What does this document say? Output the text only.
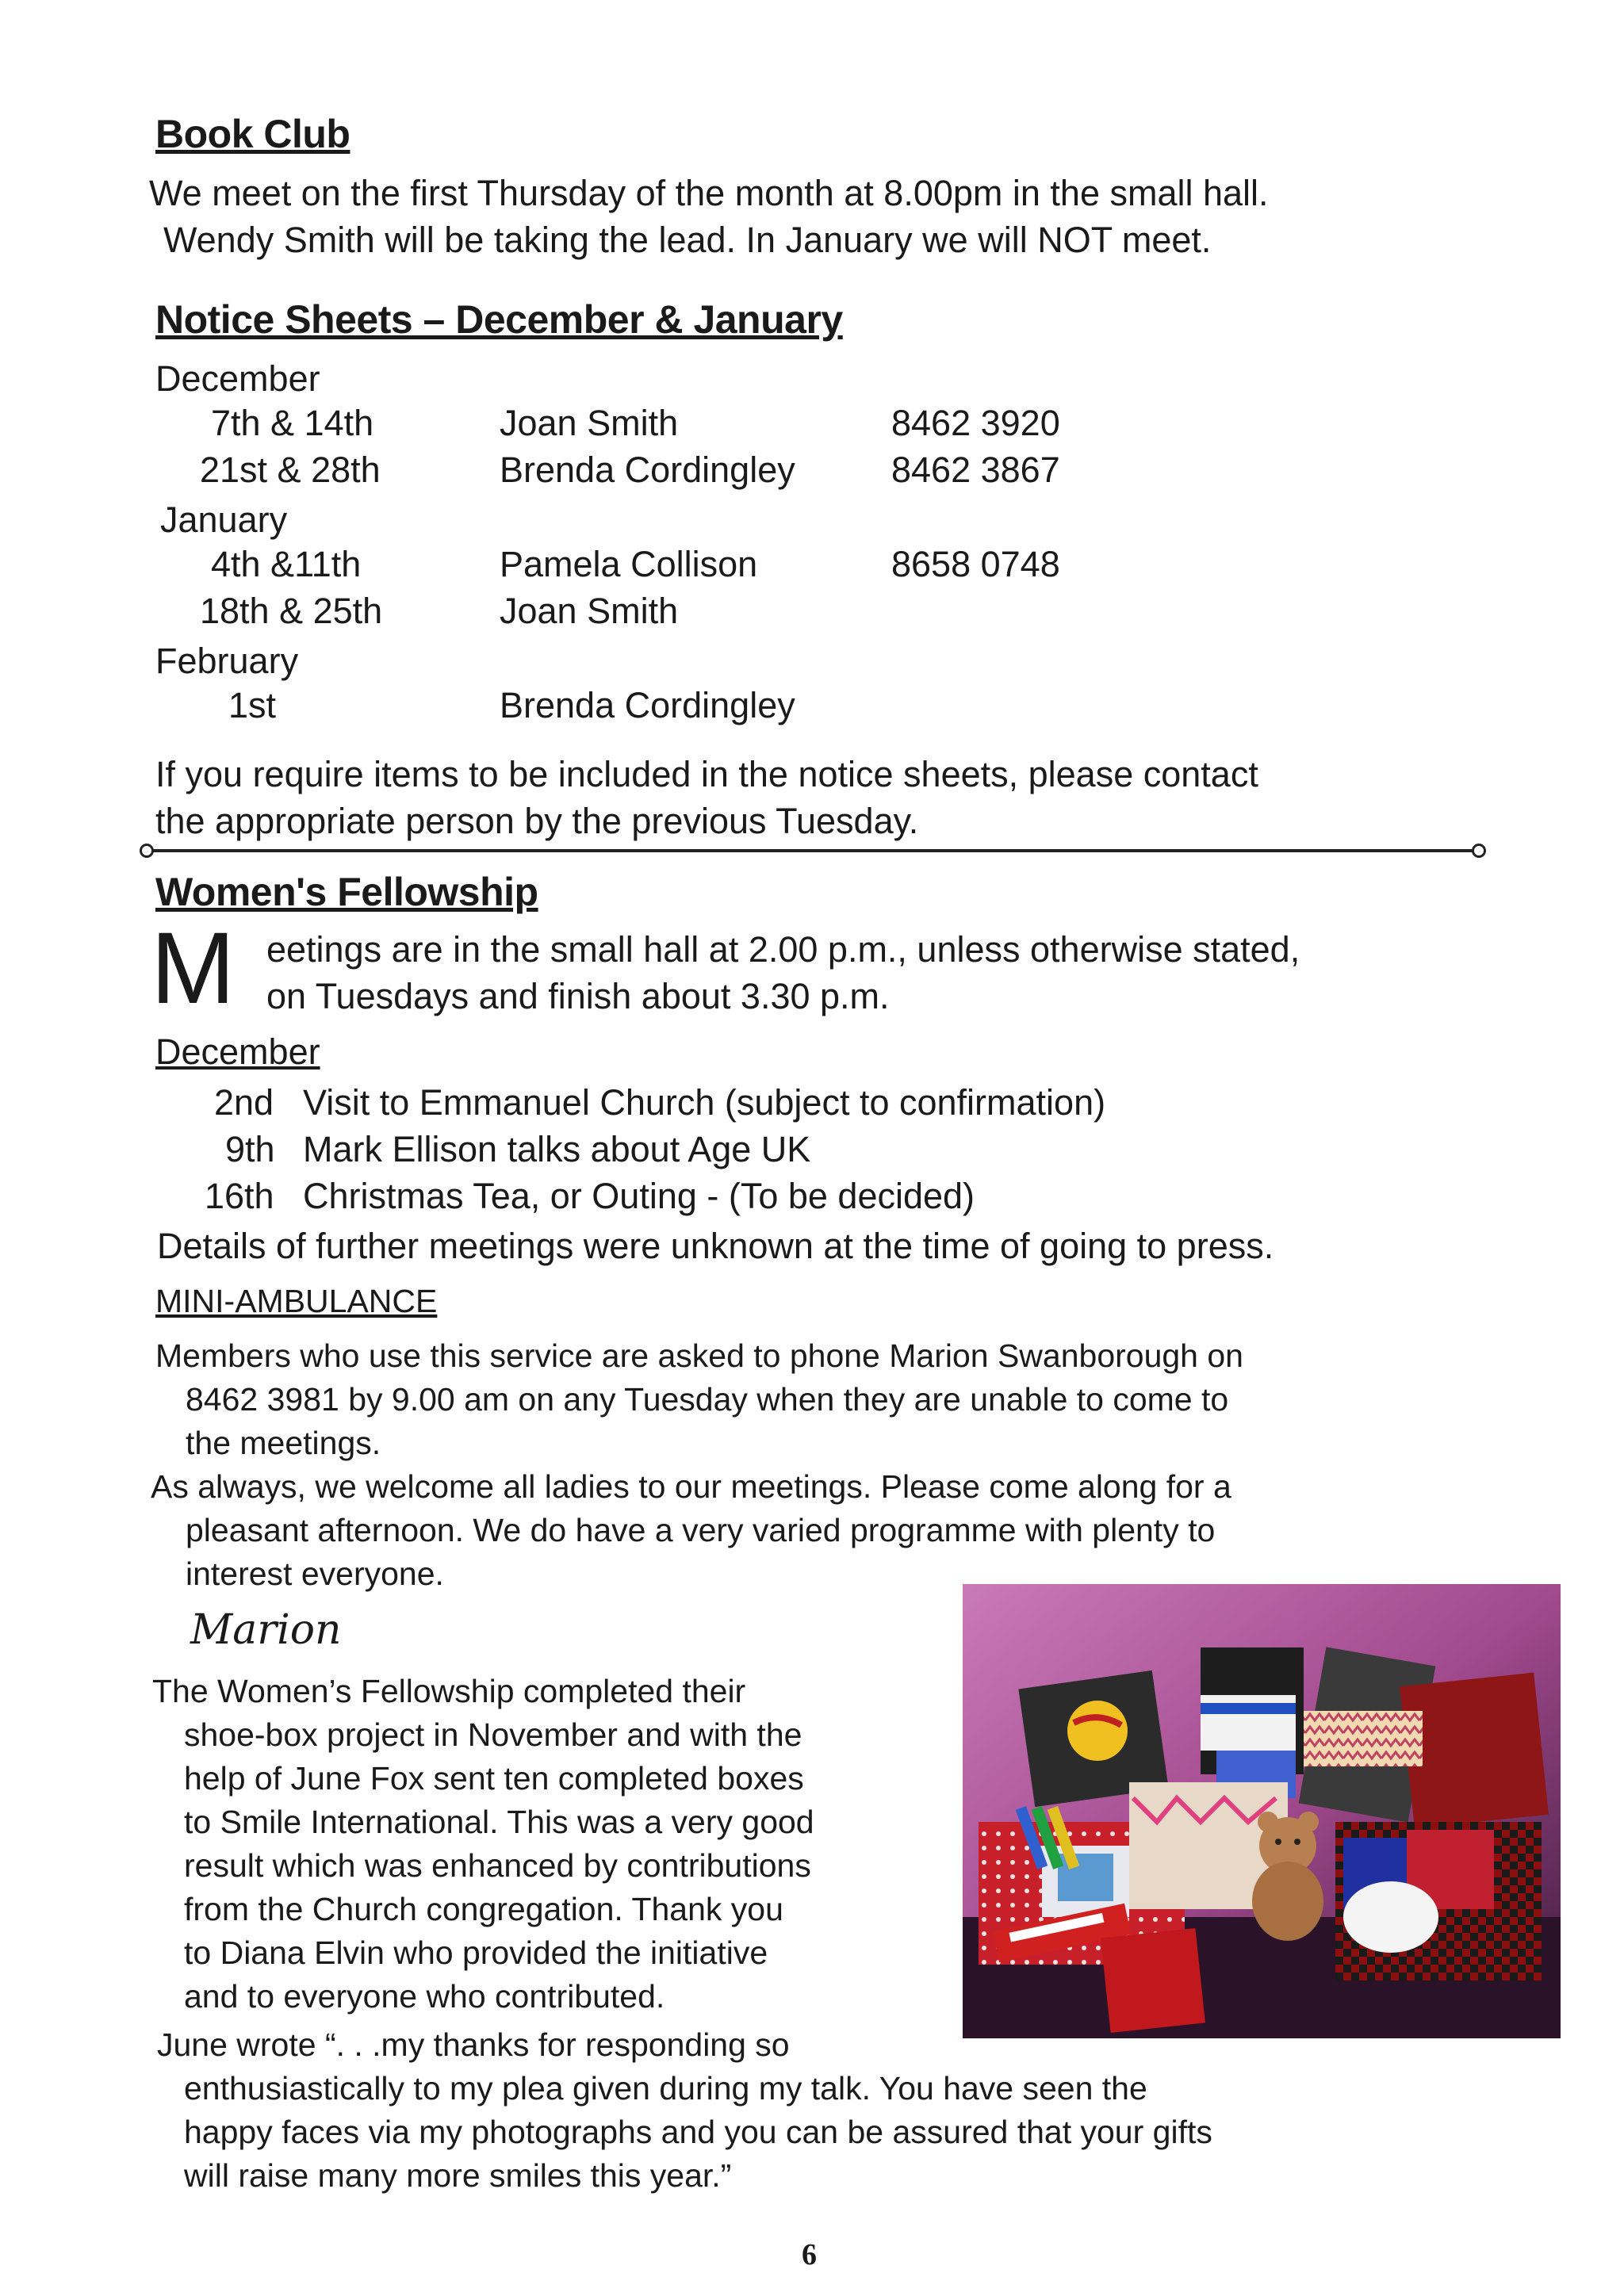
Book Club
We meet on the first Thursday of the month at 8.00pm in the small hall.
Wendy Smith will be taking the lead. In January we will NOT meet.
Notice Sheets – December & January
December
7th & 14th	Joan Smith	8462 3920
21st & 28th	Brenda Cordingley	8462 3867
January
4th &11th	Pamela Collison	8658 0748
18th & 25th	Joan Smith
February
1st	Brenda Cordingley
If you require items to be included in the notice sheets, please contact
the appropriate person by the previous Tuesday.
Women's Fellowship
M eetings are in the small hall at 2.00 p.m., unless otherwise stated,
on Tuesdays and finish about 3.30 p.m.
December
2nd Visit to Emmanuel Church (subject to confirmation)
9th Mark Ellison talks about Age UK
16th Christmas Tea, or Outing - (To be decided)
Details of further meetings were unknown at the time of going to press.
MINI-AMBULANCE
Members who use this service are asked to phone Marion Swanborough on
8462 3981 by 9.00 am on any Tuesday when they are unable to come to
the meetings.
As always, we welcome all ladies to our meetings. Please come along for a
pleasant afternoon. We do have a very varied programme with plenty to
interest everyone.
Marion
The Women’s Fellowship completed their
shoe-box project in November and with the
help of June Fox sent ten completed boxes
to Smile International. This was a very good
result which was enhanced by contributions
from the Church congregation. Thank you
to Diana Elvin who provided the initiative
and to everyone who contributed.
June wrote “. . .my thanks for responding so
enthusiastically to my plea given during my talk. You have seen the
happy faces via my photographs and you can be assured that your gifts
will raise many more smiles this year.”
6
